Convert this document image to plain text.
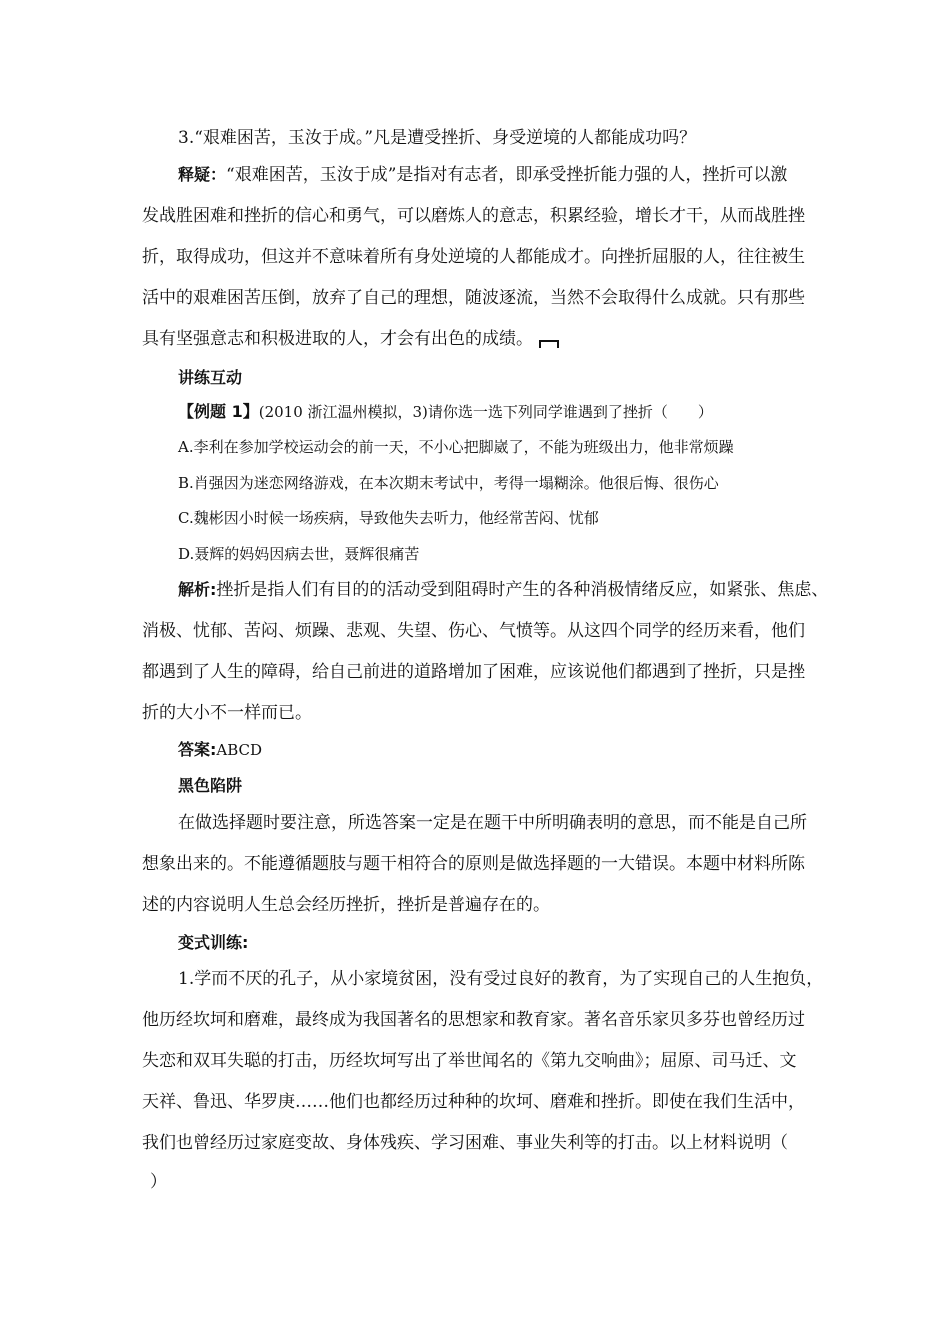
3.“艰难困苦，玉汝于成。”凡是遭受挫折、身受逆境的人都能成功吗？
释疑：“艰难困苦，玉汝于成”是指对有志者，即承受挫折能力强的人，挫折可以激
发战胜困难和挫折的信心和勇气，可以磨炼人的意志，积累经验，增长才干，从而战胜挫
折，取得成功，但这并不意味着所有身处逆境的人都能成才。向挫折屈服的人，往往被生
活中的艰难困苦压倒，放弃了自己的理想，随波逐流，当然不会取得什么成就。只有那些
具有坚强意志和积极进取的人，才会有出色的成绩。
讲练互动
【例题 1】(2010 浙江温州模拟，3)请你选一选下列同学谁遇到了挫折（　　）
A.李利在参加学校运动会的前一天，不小心把脚崴了，不能为班级出力，他非常烦躁
B.肖强因为迷恋网络游戏，在本次期末考试中，考得一塌糊涂。他很后悔、很伤心
C.魏彬因小时候一场疾病，导致他失去听力，他经常苦闷、忧郁
D.聂辉的妈妈因病去世，聂辉很痛苦
解析:挫折是指人们有目的的活动受到阻碍时产生的各种消极情绪反应，如紧张、焦虑、
消极、忧郁、苦闷、烦躁、悲观、失望、伤心、气愤等。从这四个同学的经历来看，他们
都遇到了人生的障碍，给自己前进的道路增加了困难，应该说他们都遇到了挫折，只是挫
折的大小不一样而已。
答案:ABCD
黑色陷阱
在做选择题时要注意，所选答案一定是在题干中所明确表明的意思，而不能是自己所
想象出来的。不能遵循题肢与题干相符合的原则是做选择题的一大错误。本题中材料所陈
述的内容说明人生总会经历挫折，挫折是普遍存在的。
变式训练:
1.学而不厌的孔子，从小家境贫困，没有受过良好的教育，为了实现自己的人生抱负，
他历经坎坷和磨难，最终成为我国著名的思想家和教育家。著名音乐家贝多芬也曾经历过
失恋和双耳失聪的打击，历经坎坷写出了举世闻名的《第九交响曲》；屈原、司马迁、文
天祥、鲁迅、华罗庚……他们也都经历过种种的坎坷、磨难和挫折。即使在我们生活中，
我们也曾经历过家庭变故、身体残疾、学习困难、事业失利等的打击。以上材料说明（
）
